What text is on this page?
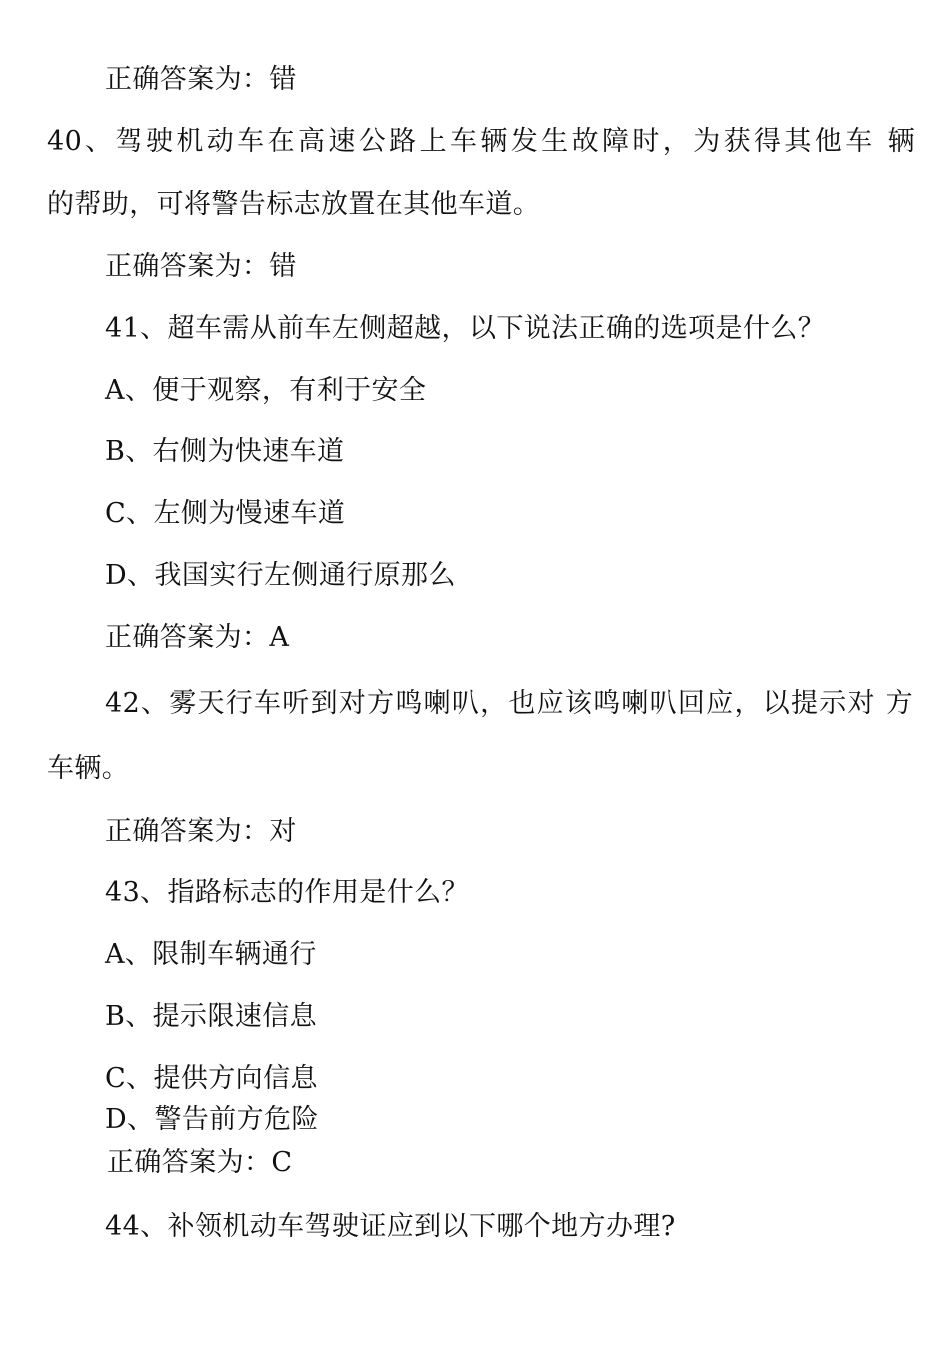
正确答案为：错
40、驾驶机动车在高速公路上车辆发生故障时，为获得其他车 辆
的帮助，可将警告标志放置在其他车道。
正确答案为：错
41、超车需从前车左侧超越，以下说法正确的选项是什么？
A、便于观察，有利于安全
B、右侧为快速车道
C、左侧为慢速车道
D、我国实行左侧通行原那么
正确答案为：A
42、雾天行车听到对方鸣喇叭，也应该鸣喇叭回应，以提示对 方
车辆。
正确答案为：对
43、指路标志的作用是什么？
A、限制车辆通行
B、提示限速信息
C、提供方向信息
D、警告前方危险
正确答案为：C
44、补领机动车驾驶证应到以下哪个地方办理?
